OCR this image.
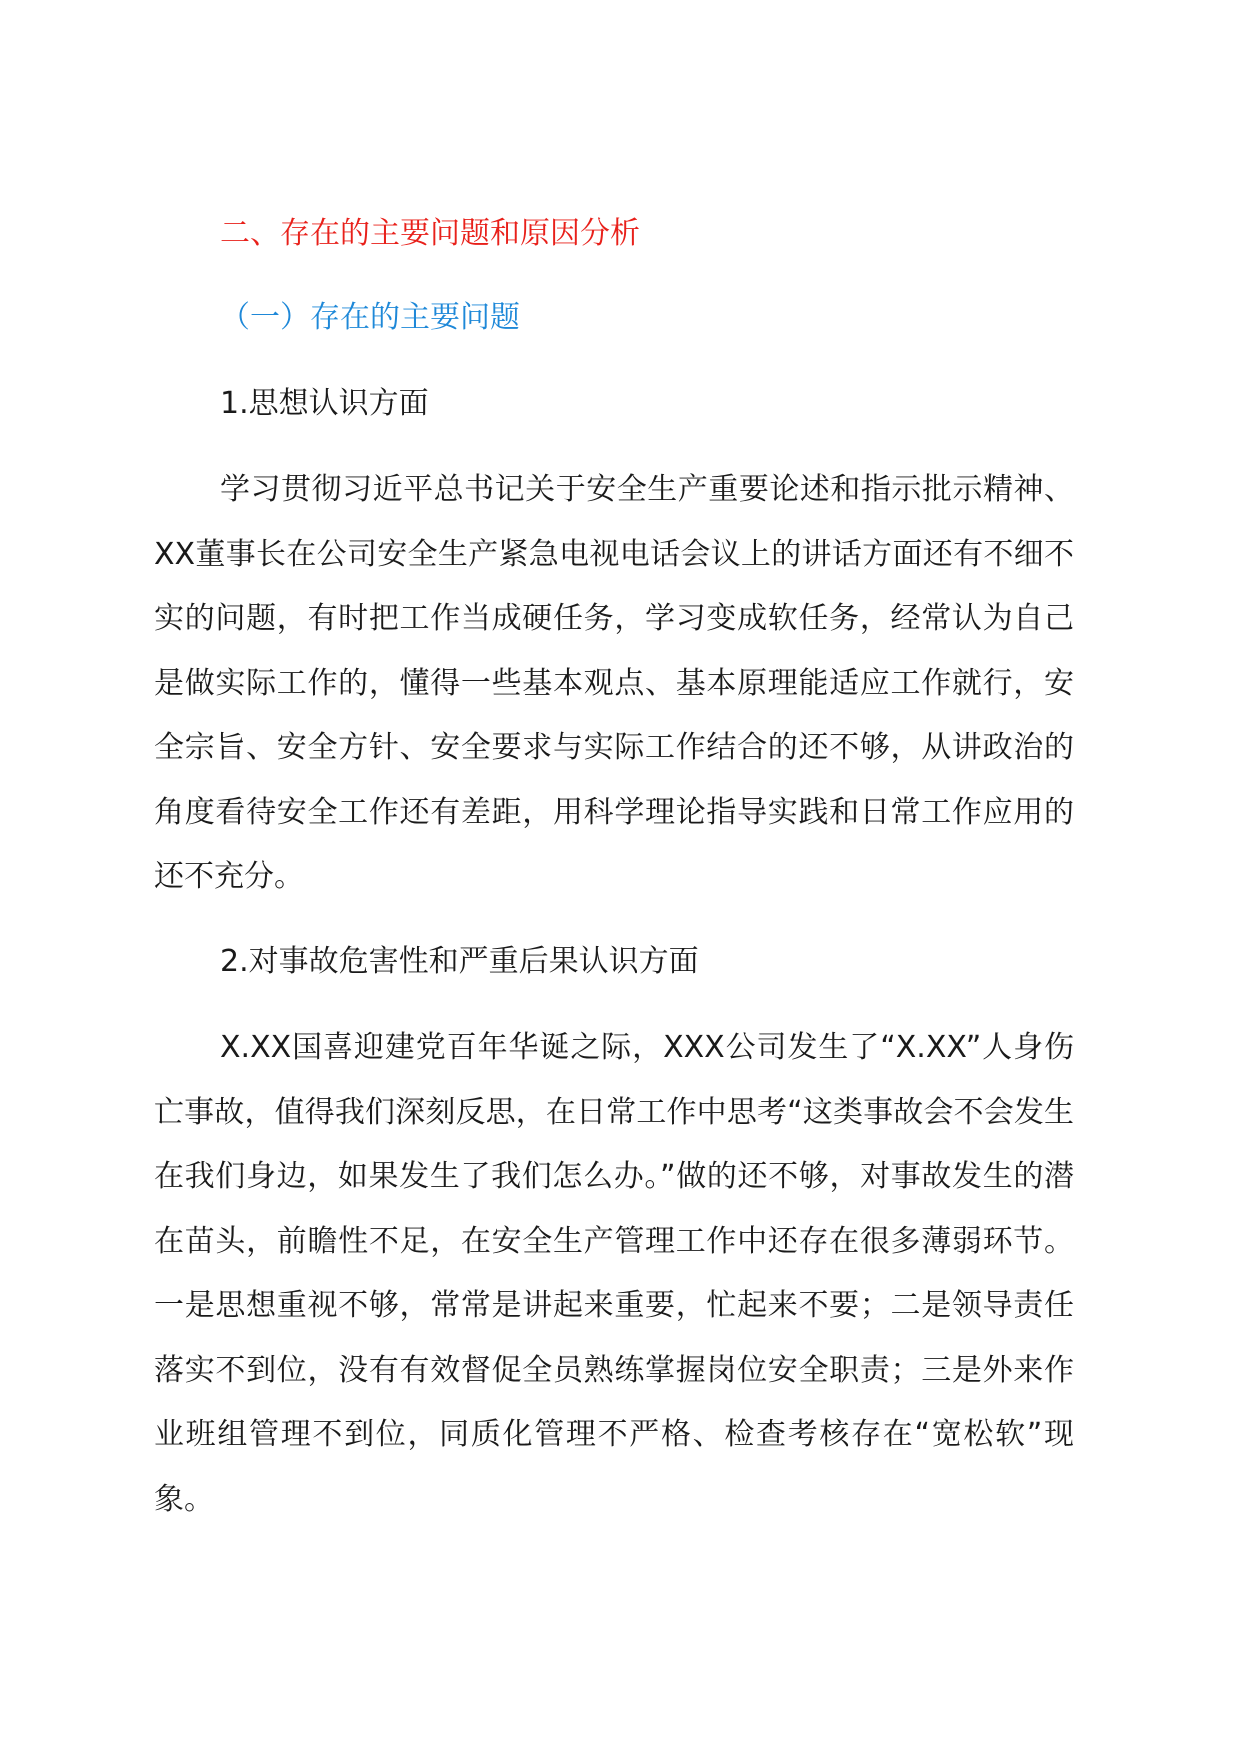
二、存在的主要问题和原因分析
（一）存在的主要问题
1.思想认识方面

学习贯彻习近平总书记关于安全生产重要论述和指示批示精神、XX董事长在公司安全生产紧急电视电话会议上的讲话方面还有不细不实的问题，有时把工作当成硬任务，学习变成软任务，经常认为自己是做实际工作的，懂得一些基本观点、基本原理能适应工作就行，安全宗旨、安全方针、安全要求与实际工作结合的还不够，从讲政治的角度看待安全工作还有差距，用科学理论指导实践和日常工作应用的还不充分。

2.对事故危害性和严重后果认识方面

X.XX国喜迎建党百年华诞之际，XXX公司发生了“X.XX”人身伤亡事故，值得我们深刻反思，在日常工作中思考“这类事故会不会发生在我们身边，如果发生了我们怎么办。”做的还不够，对事故发生的潜在苗头，前瞻性不足，在安全生产管理工作中还存在很多薄弱环节。一是思想重视不够，常常是讲起来重要，忙起来不要；二是领导责任落实不到位，没有有效督促全员熟练掌握岗位安全职责；三是外来作业班组管理不到位，同质化管理不严格、检查考核存在“宽松软”现象。
